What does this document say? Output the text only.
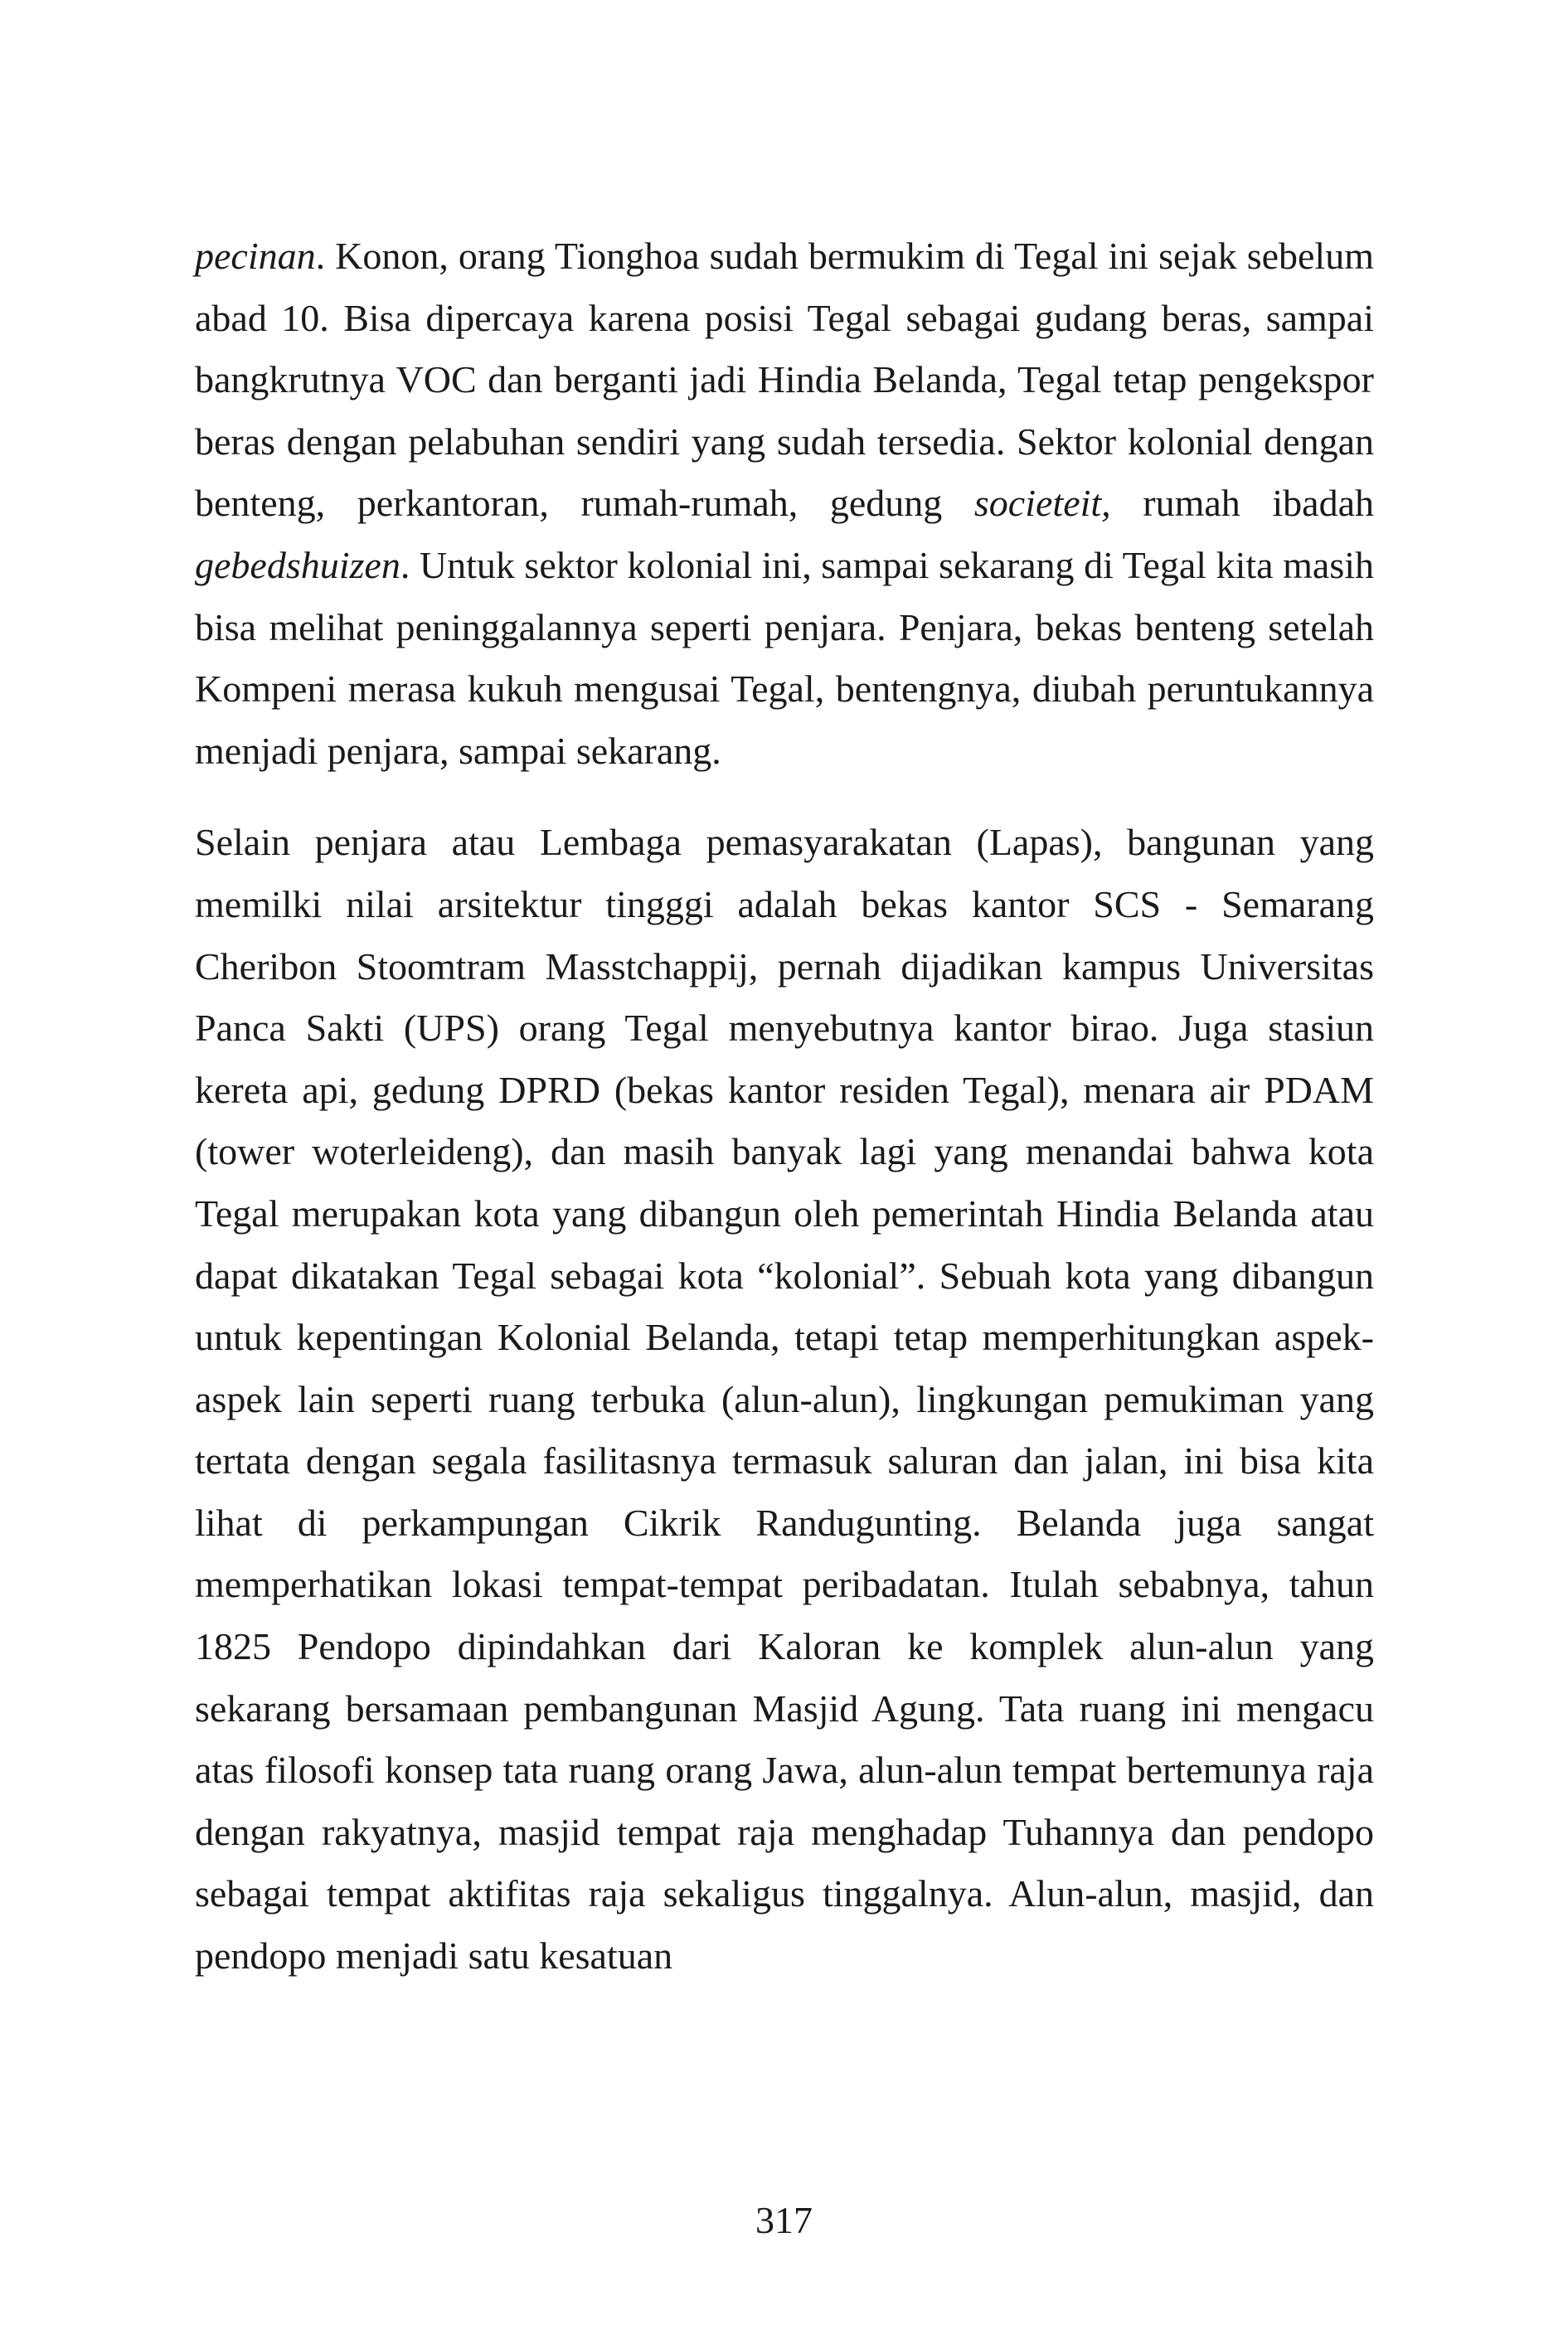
pecinan. Konon, orang Tionghoa sudah bermukim di Tegal ini sejak sebelum abad 10. Bisa dipercaya karena posisi Tegal sebagai gudang beras, sampai bangkrutnya VOC dan berganti jadi Hindia Belanda, Tegal tetap pengekspor beras dengan pelabuhan sendiri yang sudah tersedia. Sektor kolonial dengan benteng, perkantoran, rumah-rumah, gedung societeit, rumah ibadah gebedshuizen. Untuk sektor kolonial ini, sampai sekarang di Tegal kita masih bisa melihat peninggalannya seperti penjara. Penjara, bekas benteng setelah Kompeni merasa kukuh mengusai Tegal, bentengnya, diubah peruntukannya menjadi penjara, sampai sekarang.

Selain penjara atau Lembaga pemasyarakatan (Lapas), bangunan yang memilki nilai arsitektur tingggi adalah bekas kantor SCS - Semarang Cheribon Stoomtram Masstchappij, pernah dijadikan kampus Universitas Panca Sakti (UPS) orang Tegal menyebutnya kantor birao. Juga stasiun kereta api, gedung DPRD (bekas kantor residen Tegal), menara air PDAM (tower woterleideng), dan masih banyak lagi yang menandai bahwa kota Tegal merupakan kota yang dibangun oleh pemerintah Hindia Belanda atau dapat dikatakan Tegal sebagai kota “kolonial”. Sebuah kota yang dibangun untuk kepentingan Kolonial Belanda, tetapi tetap memperhitungkan aspek-aspek lain seperti ruang terbuka (alun-alun), lingkungan pemukiman yang tertata dengan segala fasilitasnya termasuk saluran dan jalan, ini bisa kita lihat di perkampungan Cikrik Randugunting. Belanda juga sangat memperhatikan lokasi tempat-tempat peribadatan. Itulah sebabnya, tahun 1825 Pendopo dipindahkan dari Kaloran ke komplek alun-alun yang sekarang bersamaan pembangunan Masjid Agung. Tata ruang ini mengacu atas filosofi konsep tata ruang orang Jawa, alun-alun tempat bertemunya raja dengan rakyatnya, masjid tempat raja menghadap Tuhannya dan pendopo sebagai tempat aktifitas raja sekaligus tinggalnya. Alun-alun, masjid, dan pendopo menjadi satu kesatuan

317
